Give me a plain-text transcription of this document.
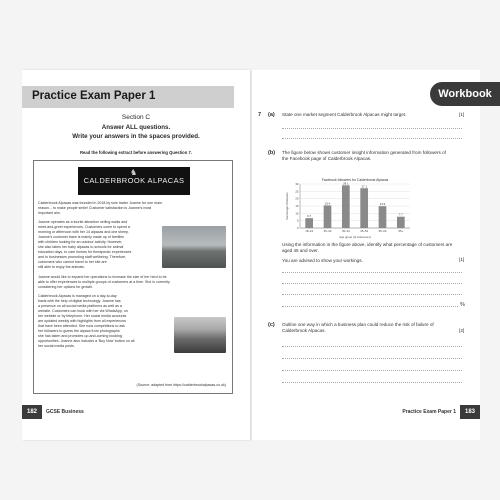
Practice Exam Paper 1	Workbook
Section C
Answer ALL questions.
Write your answers in the spaces provided.
Read the following extract before answering Question 7.
♞
CALDERBROOK ALPACAS
Calderbrook Alpacas was founded in 2018 by sole trader Joanne for one main
reason... to make people smile! Customer satisfaction is Joanne's most
important aim.
Joanne operates as a tourist attraction selling walks and
meet-and-greet experiences. Customers come to spend a
morning or afternoon with her 14 alpacas and one sheep.
Joanne's customer base is mainly made up of families
with children looking for an outdoor activity. However,
she also takes her baby alpacas to schools for animal
education days, to care homes for therapeutic experiences
and to businesses promoting staff wellbeing. Therefore,
customers who cannot travel to her site are
still able to enjoy the animals.
Joanne would like to expand her operations to increase the size of her herd to be
able to offer experiences to multiple groups of customers at a time. She is currently
considering her options for growth.
Calderbrook Alpacas is managed on a day-to-day
basis with the help of digital technology. Joanne has
a presence on all social media platforms as well as a
website. Customers can book with her via WhatsApp, on
her website or by telephone. Her social media accounts
are updated weekly with highlights from all experiences
that have been attended. She runs competitions to ask
her followers to guess the alpaca from photographs
she has taken and promotes up-and-coming booking
opportunities. Joanne also includes a 'Buy Now' button on all
her social media posts.
(Source: adapted from https://calderbrookalpacas.co.uk)
182	GCSE Business
7 (a) State one market segment Calderbrook Alpacas might target.	[1]
(b) The figure below shows customer insight information generated from followers of
the Facebook page of Calderbrook Alpacas.
Facebook followers for Calderbrook Alpacas
0
5
10
15
20
25
30
Percentage of followers	6.7
18–24
15.4
25–34
29.1
35–44
27.1
45–54
14.9
55–64
7.7
65+
Age group (of customers)
Using the information in the figure above, identify what percentage of customers are
aged 45 and over.
You are advised to show your workings.	[1]
%
(c) Outline one way in which a business plan could reduce the risk of failure of
Calderbrook Alpacas.	[2]
Practice Exam Paper 1	183
